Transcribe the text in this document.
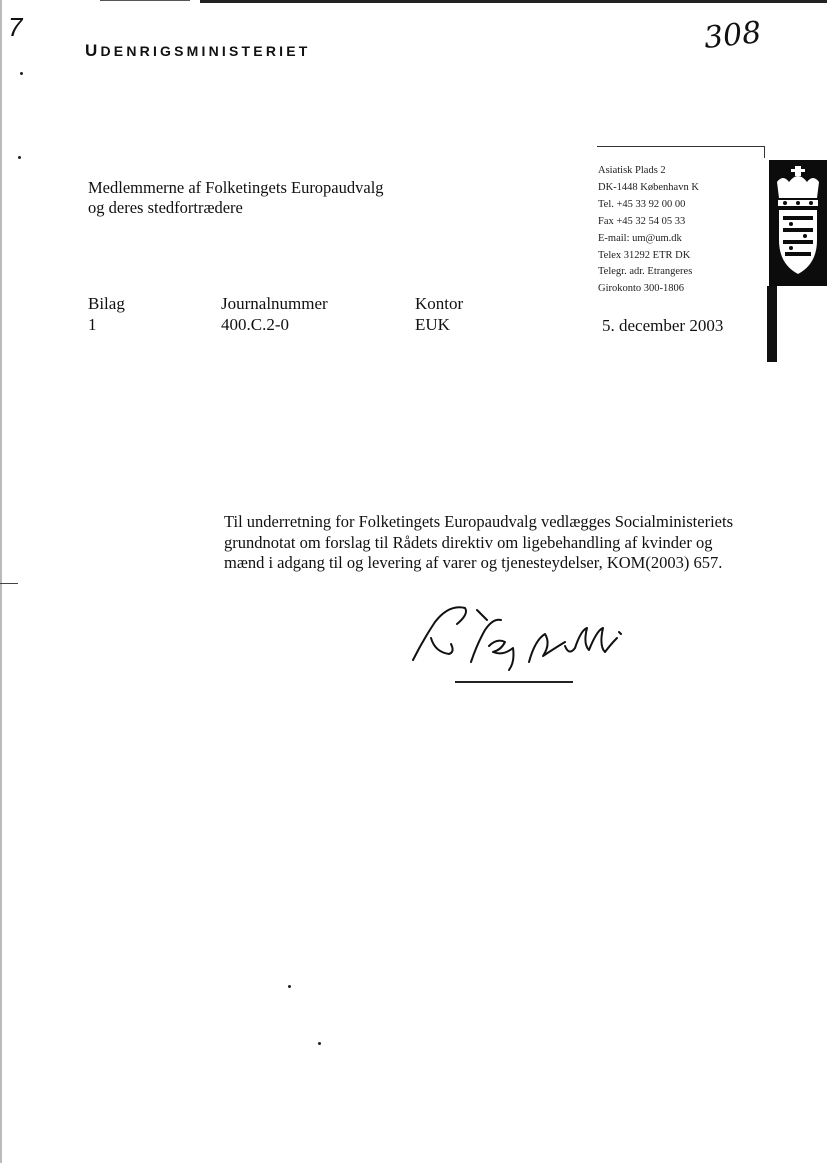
7
UDENRIGSMINISTERIET	308
Medlemmerne af Folketingets Europaudvalg
og deres stedfortrædere
Asiatisk Plads 2
DK-1448 København K
Tel. +45 33 92 00 00
Fax +45 32 54 05 33
E-mail: um@um.dk
Telex 31292 ETR DK
Telegr. adr. Etrangeres
Girokonto 300-1806
Bilag
1
Journalnummer
400.C.2-0
Kontor
EUK	5. december 2003
Til underretning for Folketingets Europaudvalg vedlægges Socialministeriets
grundnotat om forslag til Rådets direktiv om ligebehandling af kvinder og
mænd i adgang til og levering af varer og tjenesteydelser, KOM(2003) 657.
